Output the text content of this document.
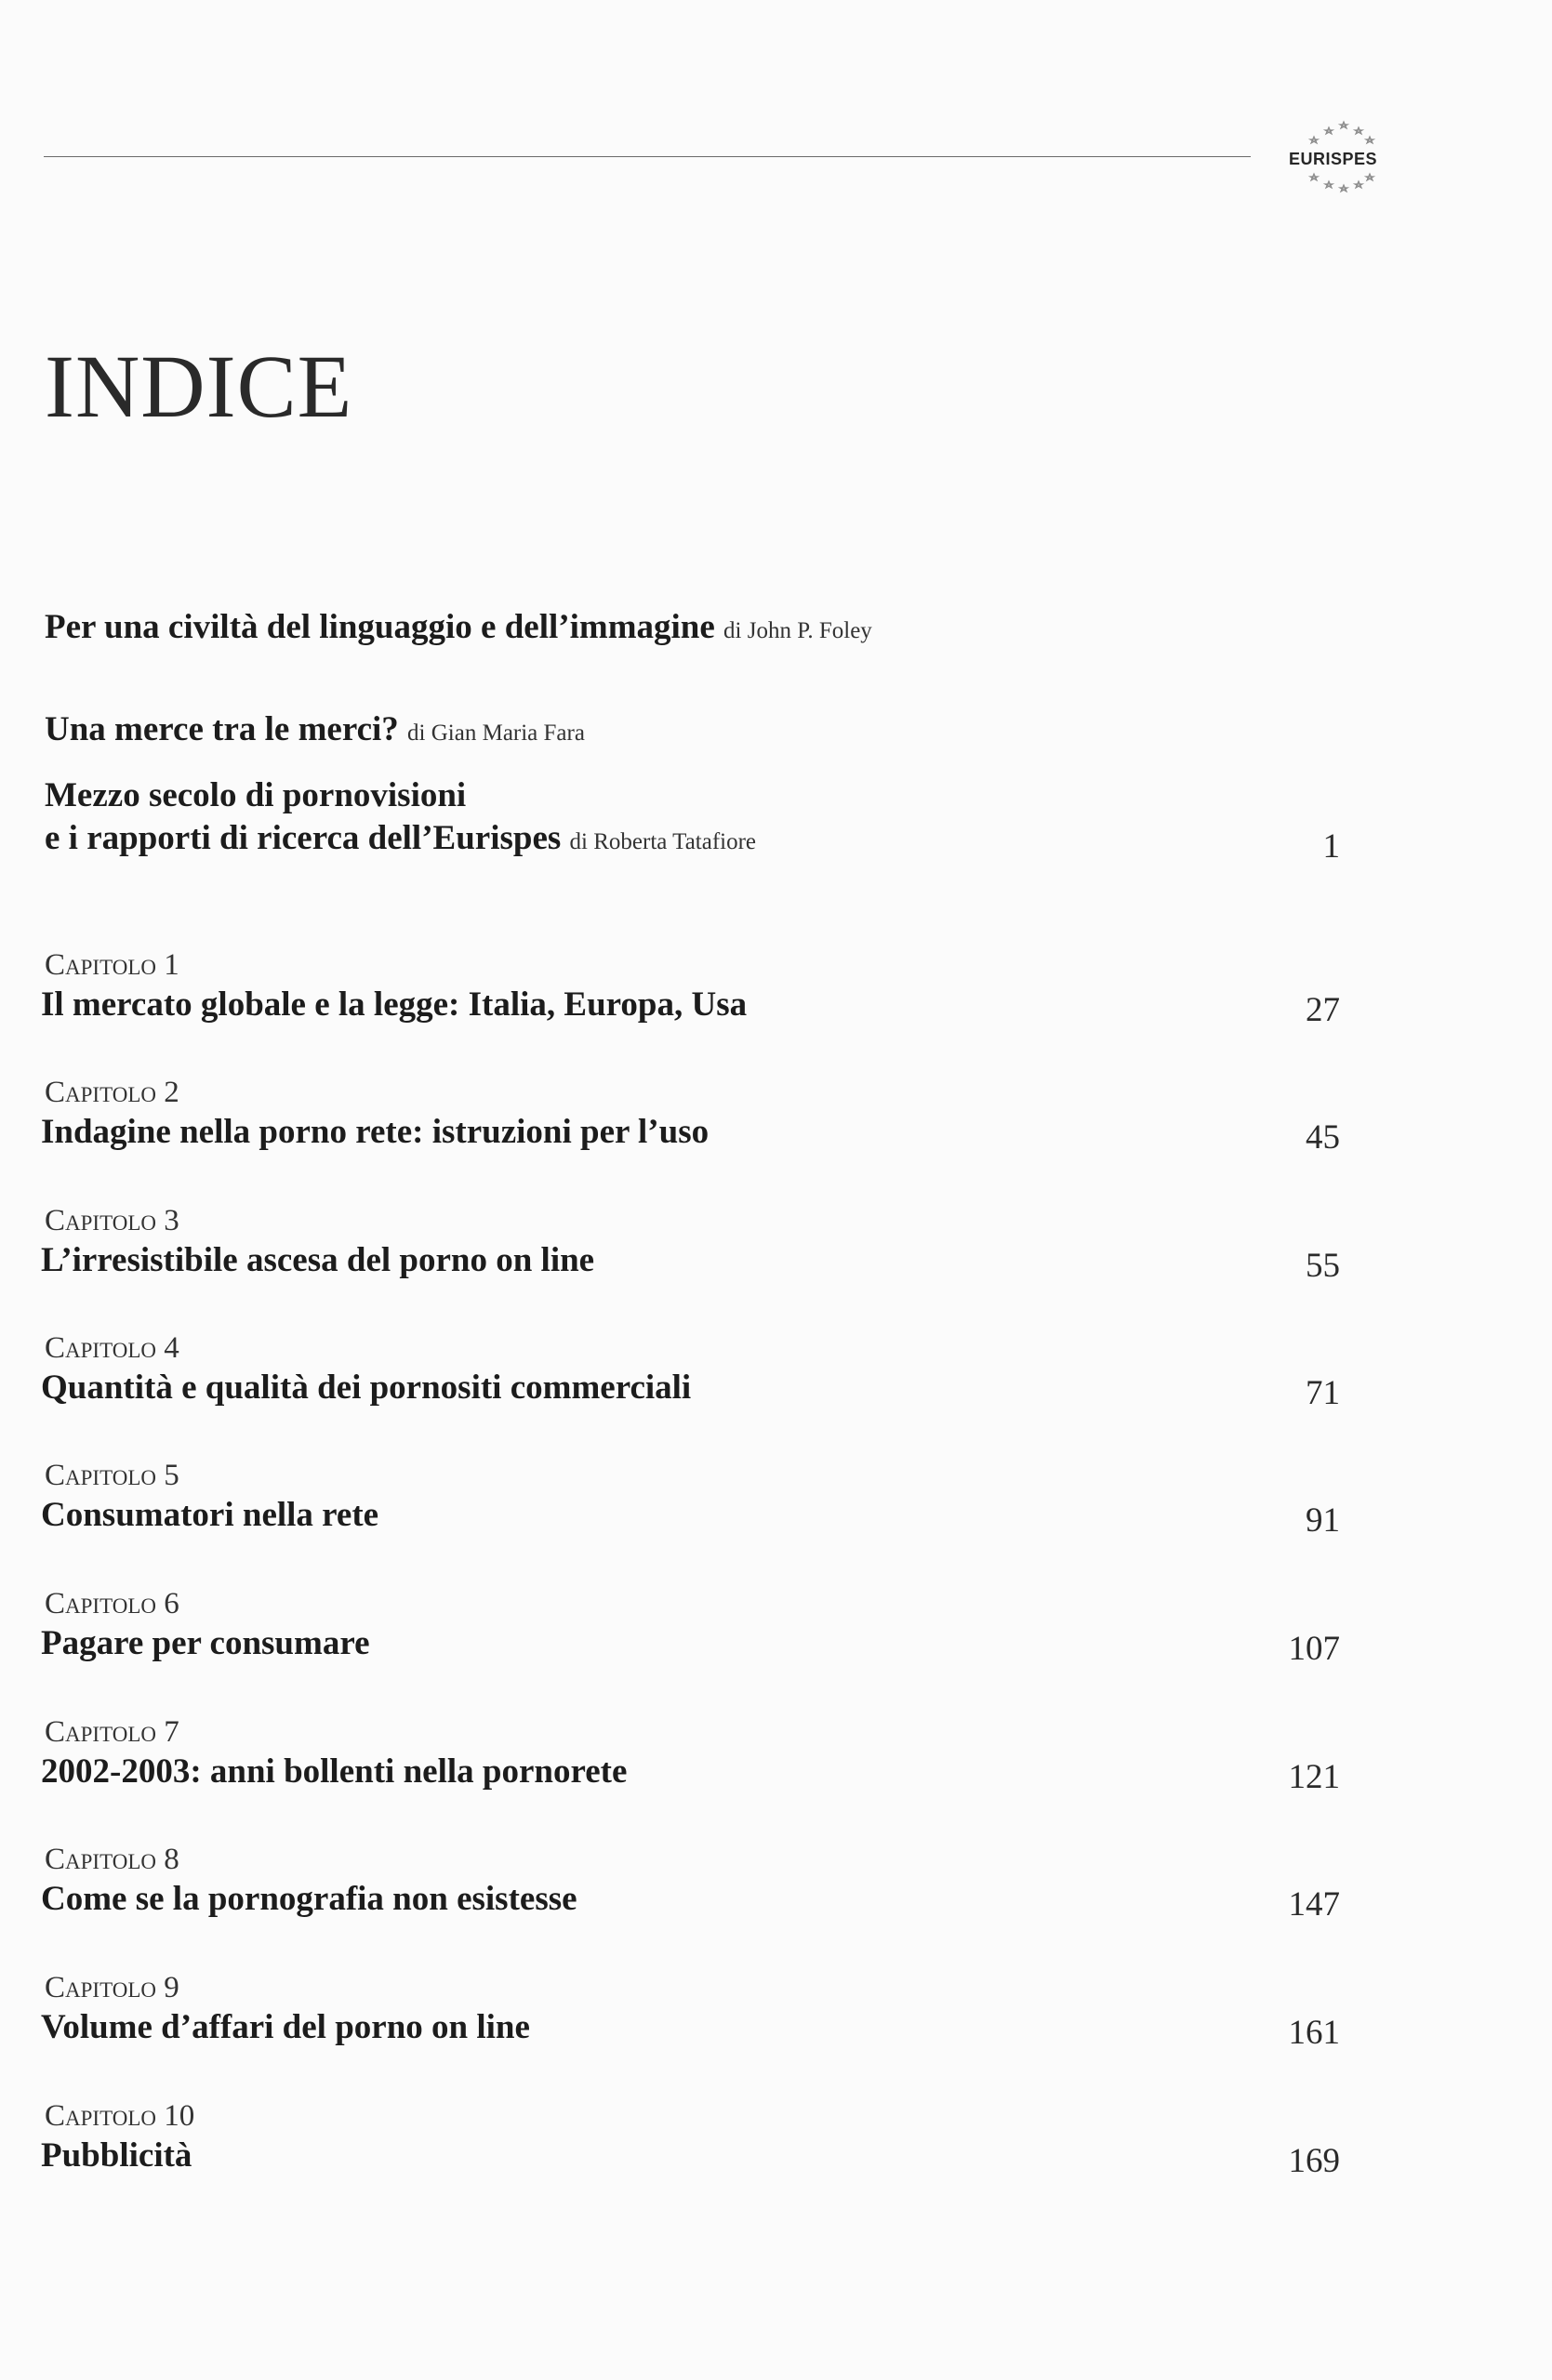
EURISPES
INDICE
Per una civiltà del linguaggio e dell’immagine di John P. Foley
Una merce tra le merci? di Gian Maria Fara
Mezzo secolo di pornovisioni
e i rapporti di ricerca dell’Eurispes di Roberta Tatafiore	1
Capitolo 1
Il mercato globale e la legge: Italia, Europa, Usa	27
Capitolo 2
Indagine nella porno rete: istruzioni per l’uso	45
Capitolo 3
L’irresistibile ascesa del porno on line	55
Capitolo 4
Quantità e qualità dei pornositi commerciali	71
Capitolo 5
Consumatori nella rete	91
Capitolo 6
Pagare per consumare	107
Capitolo 7
2002-2003: anni bollenti nella pornorete	121
Capitolo 8
Come se la pornografia non esistesse	147
Capitolo 9
Volume d’affari del porno on line	161
Capitolo 10
Pubblicità	169
